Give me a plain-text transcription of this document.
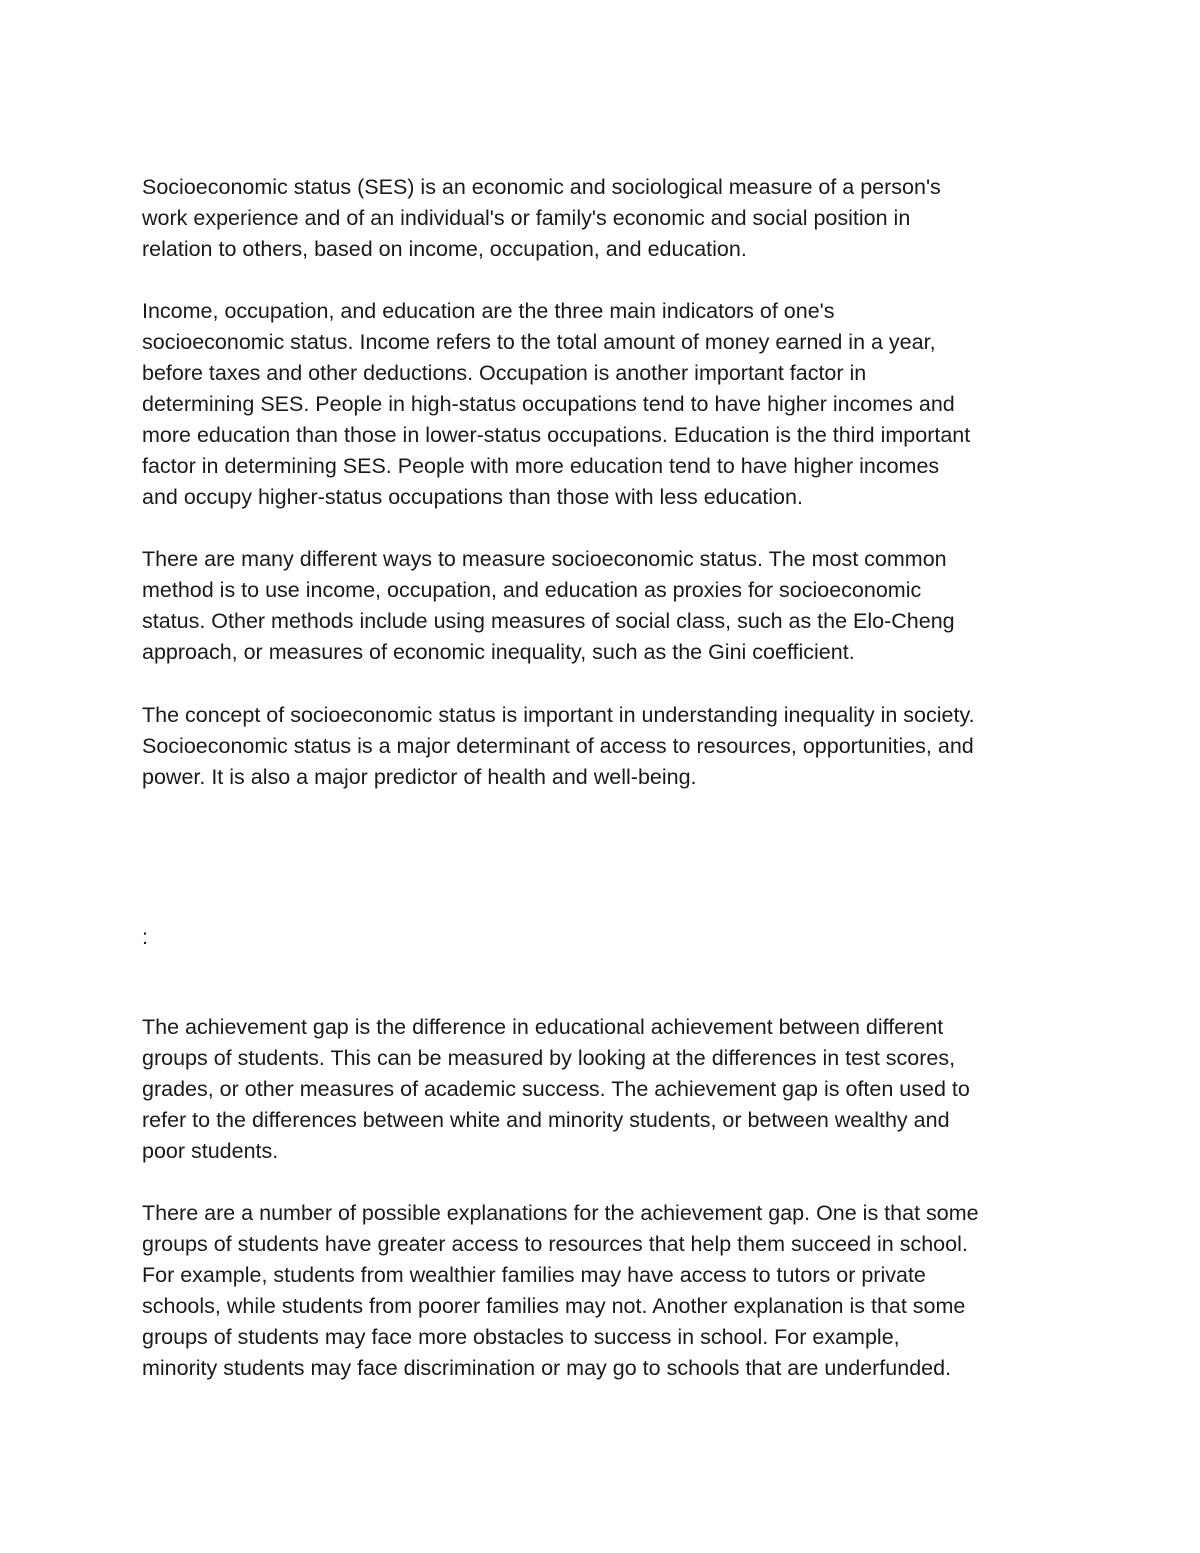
Socioeconomic status (SES) is an economic and sociological measure of a person's
work experience and of an individual's or family's economic and social position in
relation to others, based on income, occupation, and education.

Income, occupation, and education are the three main indicators of one's
socioeconomic status. Income refers to the total amount of money earned in a year,
before taxes and other deductions. Occupation is another important factor in
determining SES. People in high-status occupations tend to have higher incomes and
more education than those in lower-status occupations. Education is the third important
factor in determining SES. People with more education tend to have higher incomes
and occupy higher-status occupations than those with less education.

There are many different ways to measure socioeconomic status. The most common
method is to use income, occupation, and education as proxies for socioeconomic
status. Other methods include using measures of social class, such as the Elo-Cheng
approach, or measures of economic inequality, such as the Gini coefficient.

The concept of socioeconomic status is important in understanding inequality in society.
Socioeconomic status is a major determinant of access to resources, opportunities, and
power. It is also a major predictor of health and well-being.

:

The achievement gap is the difference in educational achievement between different
groups of students. This can be measured by looking at the differences in test scores,
grades, or other measures of academic success. The achievement gap is often used to
refer to the differences between white and minority students, or between wealthy and
poor students.

There are a number of possible explanations for the achievement gap. One is that some
groups of students have greater access to resources that help them succeed in school.
For example, students from wealthier families may have access to tutors or private
schools, while students from poorer families may not. Another explanation is that some
groups of students may face more obstacles to success in school. For example,
minority students may face discrimination or may go to schools that are underfunded.
